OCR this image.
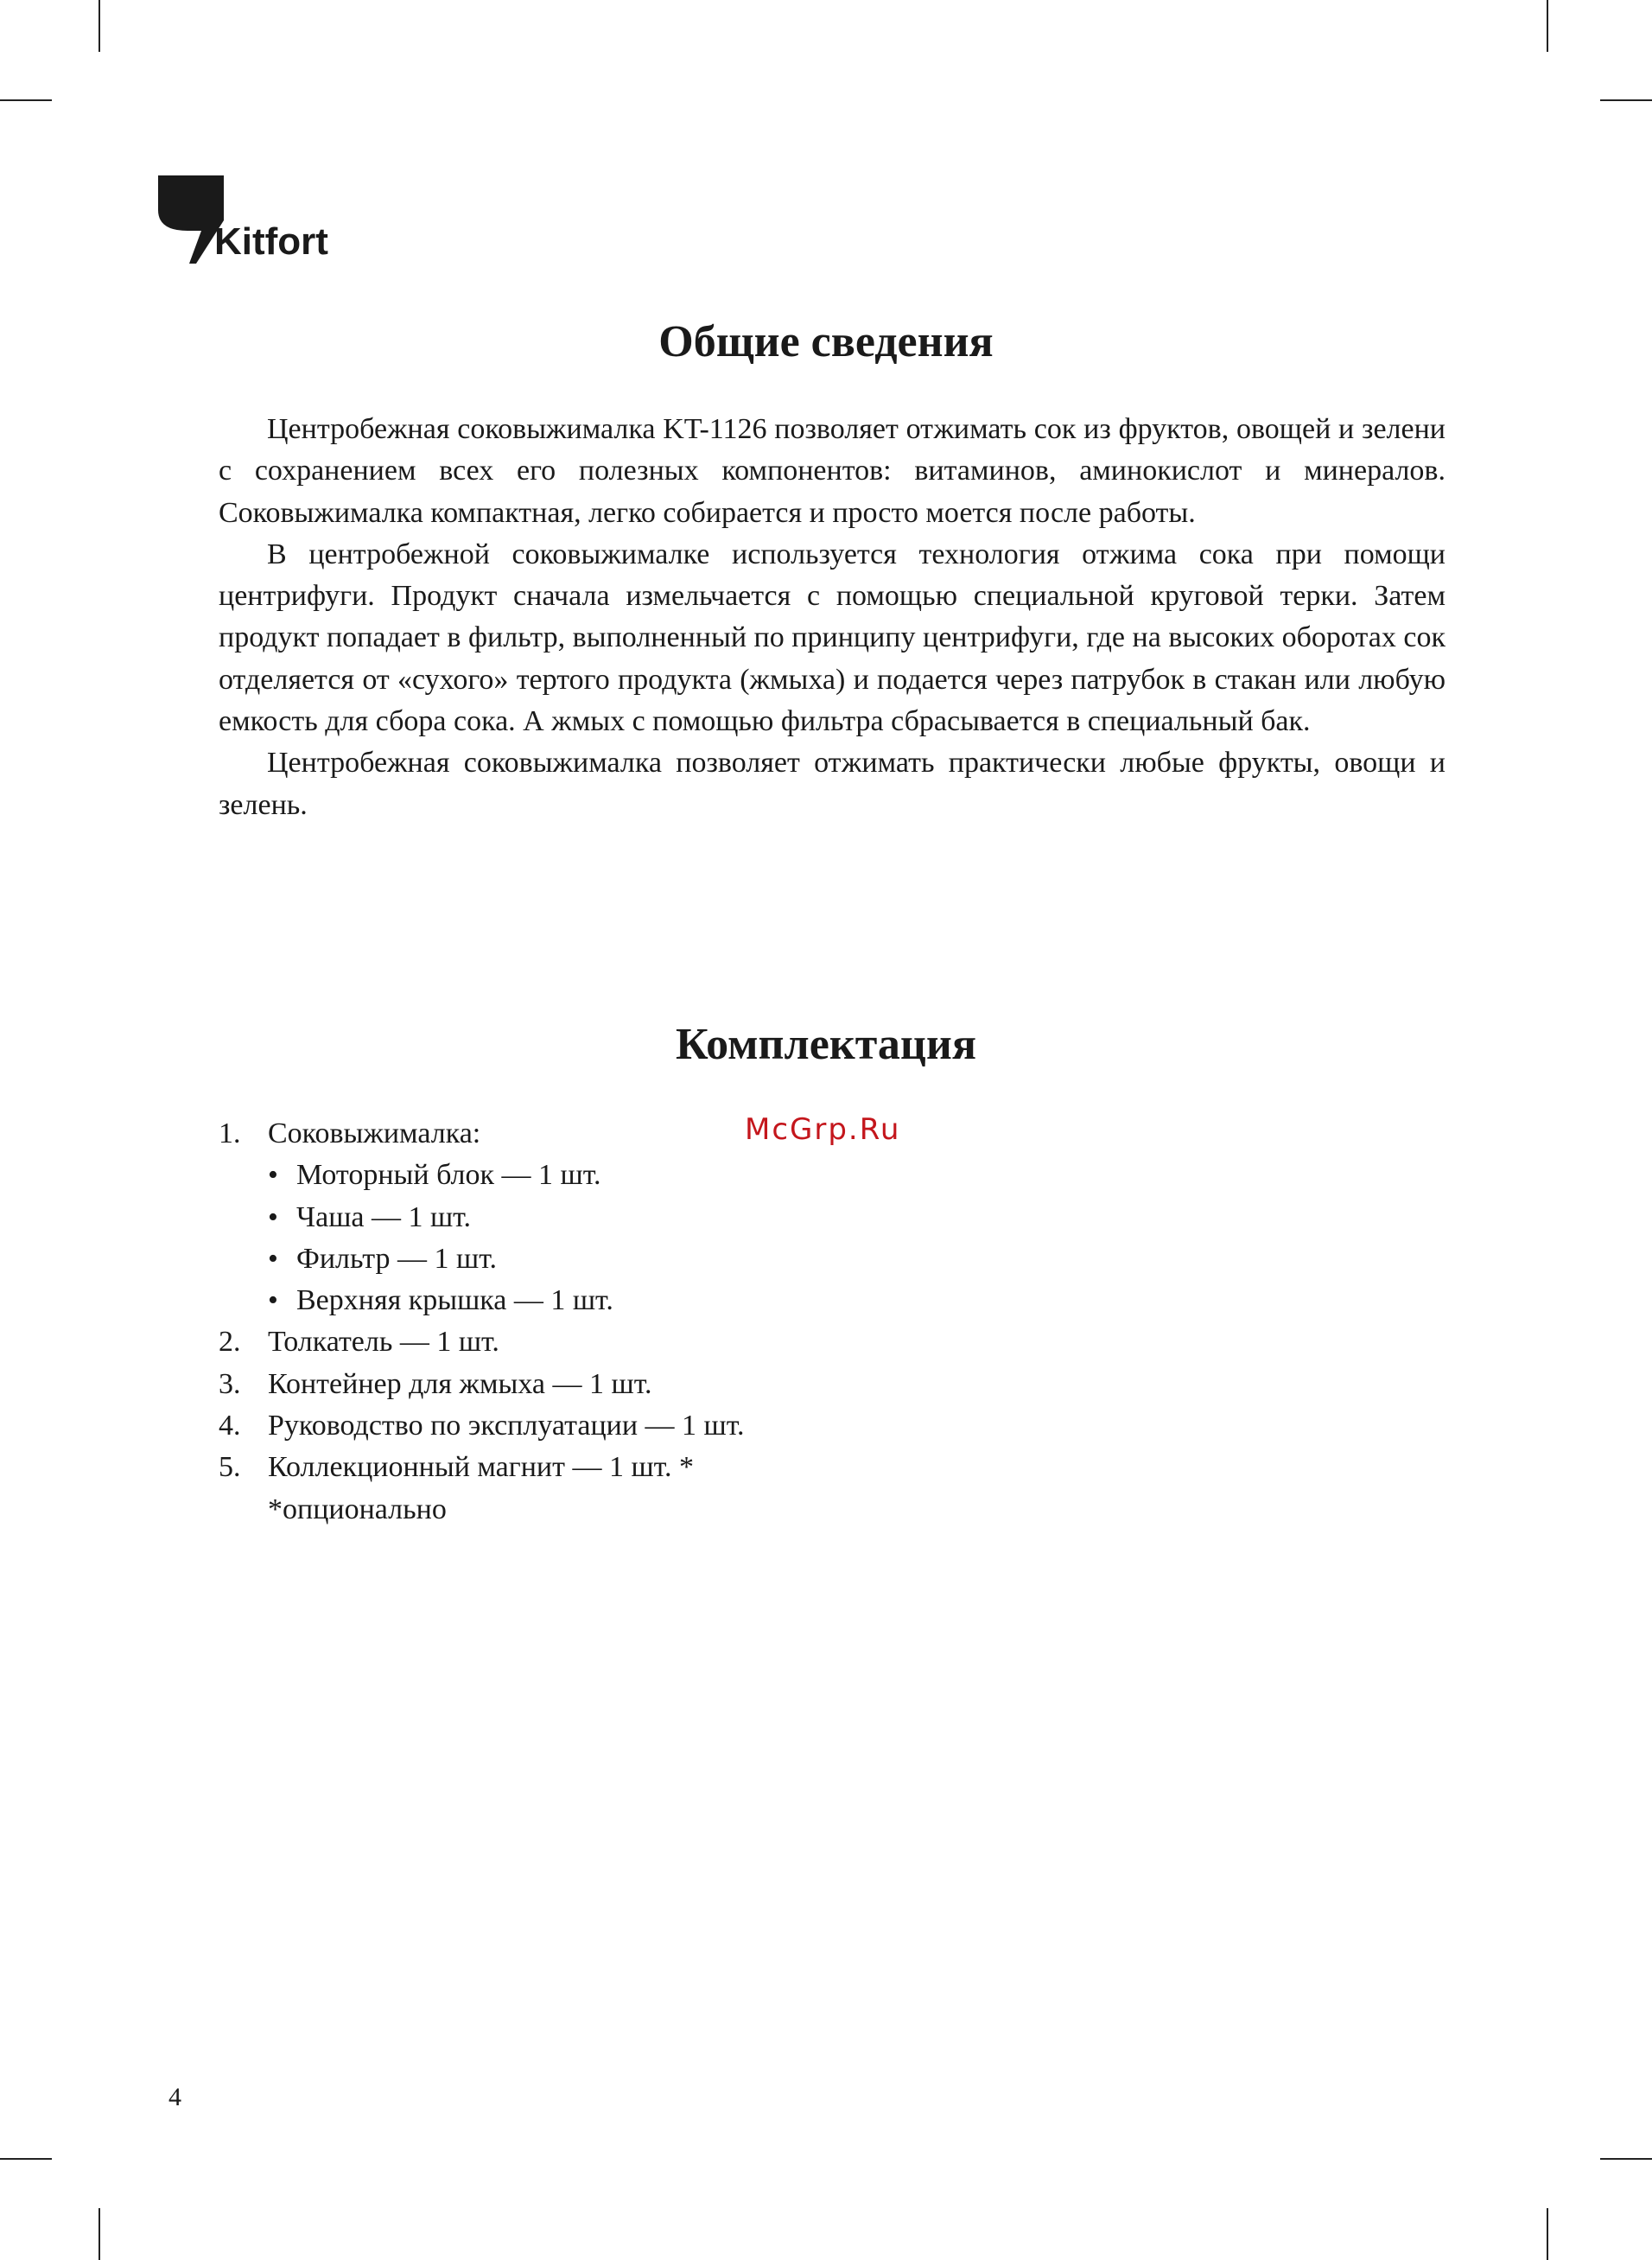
Kitfort
Общие сведения

Центробежная соковыжималка KT-1126 позволяет отжимать сок из фруктов, овощей и зелени с сохранением всех его полезных компонентов: витаминов, аминокислот и минералов. Соковыжималка компактная, легко собирается и просто моется после работы.

В центробежной соковыжималке используется технология отжима сока при помощи центрифуги. Продукт сначала измельчается с помощью специальной круговой терки. Затем продукт попадает в фильтр, выполненный по принципу центрифуги, где на высоких оборотах сок отделяется от «сухого» тертого продукта (жмыха) и подается через патрубок в стакан или любую емкость для сбора сока. А жмых с помощью фильтра сбрасывается в специальный бак.

Центробежная соковыжималка позволяет отжимать практически любые фрукты, овощи и зелень.

Комплектация
McGrp.Ru
1. Соковыжималка:
• Моторный блок — 1 шт.
• Чаша — 1 шт.
• Фильтр — 1 шт.
• Верхняя крышка — 1 шт.
2. Толкатель — 1 шт.
3. Контейнер для жмыха — 1 шт.
4. Руководство по эксплуатации — 1 шт.
5. Коллекционный магнит — 1 шт. *
*опционально
4
